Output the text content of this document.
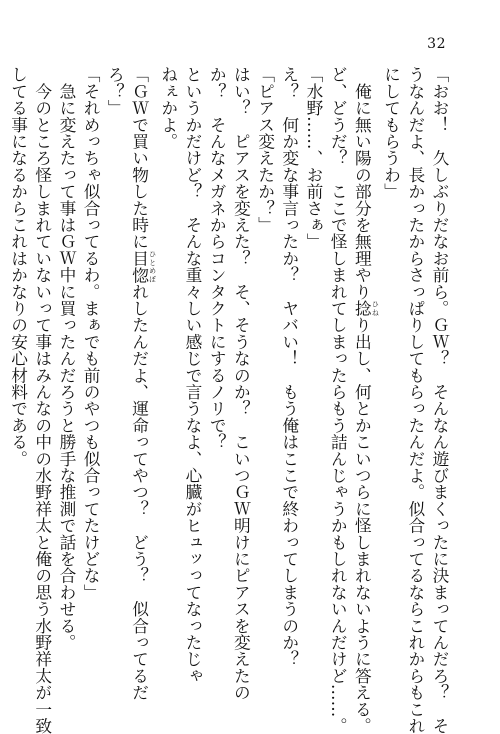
32

「おお！　久しぶりだなお前ら。ＧＷ？　そんなん遊びまくったに決まってんだろ？　そ

うなんだよ、長かったからさっぱりしてもらったんだよ。似合ってるならこれからもこれ

にしてもらうわ」

　俺に無い陽の部分を無理やり捻 ひねり出し、何とかこいつらに怪しまれないように答える。

ど、どうだ？　ここで怪しまれてしまったらもう詰んじゃうかもしれないんだけど……。

「水野……、お前さぁ」

え？　何か変な事言ったか？　ヤバい！　もう俺はここで終わってしまうのか？

「ピアス変えたか？」

はい？　ピアスを変えた？　そ、そうなのか？　こいつＧＷ明けにピアスを変えたの

か？　そんなメガネからコンタクトにするノリで？

というかだけど？　そんな重々しい感じで言うなよ、心臓がヒュッってなったじゃ

ねぇかよ。

「ＧＷで買い物した時に目惚 ひとめぼれしたんだよ、運命ってやつ？　どう？　似合ってるだ

ろ？」

「それめっちゃ似合ってるわ。まぁでも前のやつも似合ってたけどな」

　急に変えたって事はＧＷ中に買ったんだろうと勝手な推測で話を合わせる。

　今のところ怪しまれていないって事はみんなの中の水野祥太と俺の思う水野祥太が一致

してる事になるからこれはかなりの安心材料である。
